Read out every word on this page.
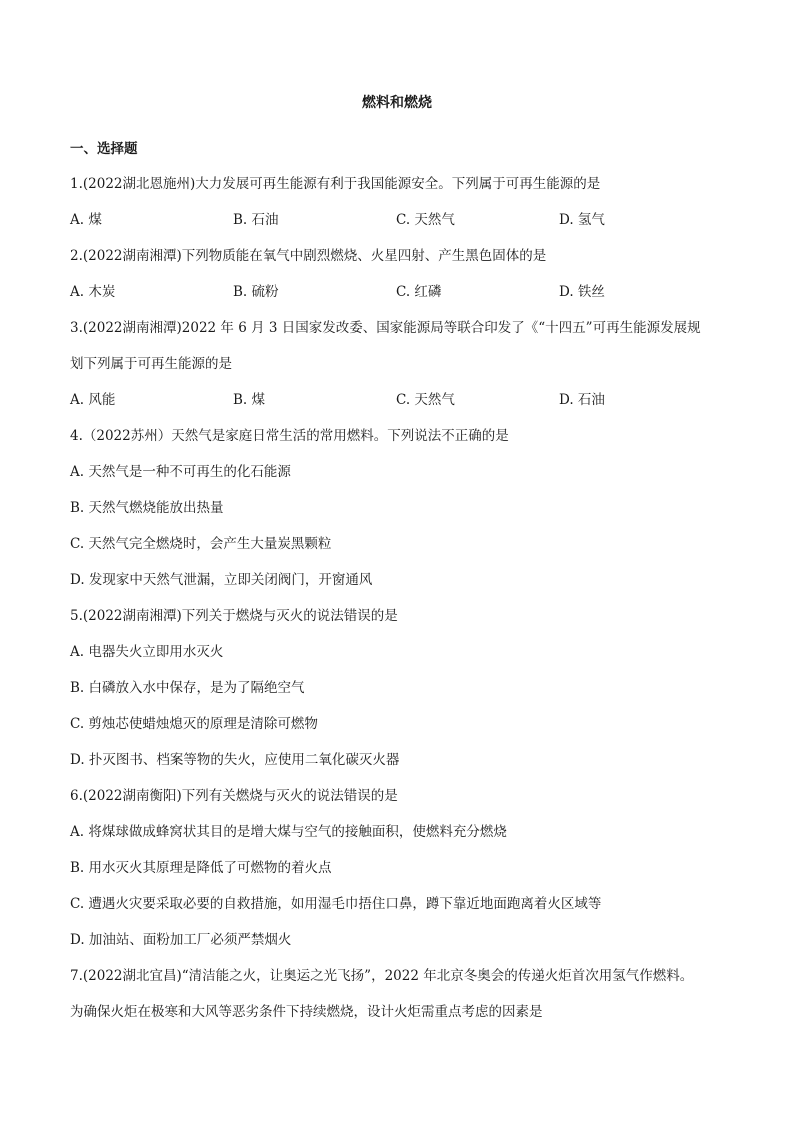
燃料和燃烧
一、选择题
1.(2022湖北恩施州)大力发展可再生能源有利于我国能源安全。下列属于可再生能源的是
A. 煤	B. 石油	C. 天然气	D. 氢气
2.(2022湖南湘潭)下列物质能在氧气中剧烈燃烧、火星四射、产生黑色固体的是
A. 木炭	B. 硫粉	C. 红磷	D. 铁丝
3.(2022湖南湘潭)2022 年 6 月 3 日国家发改委、国家能源局等联合印发了《“十四五”可再生能源发展规
划下列属于可再生能源的是
A. 风能	B. 煤	C. 天然气	D. 石油
4.（2022苏州）天然气是家庭日常生活的常用燃料。下列说法不正确的是
A. 天然气是一种不可再生的化石能源
B. 天然气燃烧能放出热量
C. 天然气完全燃烧时，会产生大量炭黑颗粒
D. 发现家中天然气泄漏，立即关闭阀门，开窗通风
5.(2022湖南湘潭)下列关于燃烧与灭火的说法错误的是
A. 电器失火立即用水灭火
B. 白磷放入水中保存，是为了隔绝空气
C. 剪烛芯使蜡烛熄灭的原理是清除可燃物
D. 扑灭图书、档案等物的失火，应使用二氧化碳灭火器
6.(2022湖南衡阳)下列有关燃烧与灭火的说法错误的是
A. 将煤球做成蜂窝状其目的是增大煤与空气的接触面积，使燃料充分燃烧
B. 用水灭火其原理是降低了可燃物的着火点
C. 遭遇火灾要采取必要的自救措施，如用湿毛巾捂住口鼻，蹲下靠近地面跑离着火区域等
D. 加油站、面粉加工厂必须严禁烟火
7.(2022湖北宜昌)“清洁能之火，让奥运之光飞扬”，2022 年北京冬奥会的传递火炬首次用氢气作燃料。
为确保火炬在极寒和大风等恶劣条件下持续燃烧，设计火炬需重点考虑的因素是
